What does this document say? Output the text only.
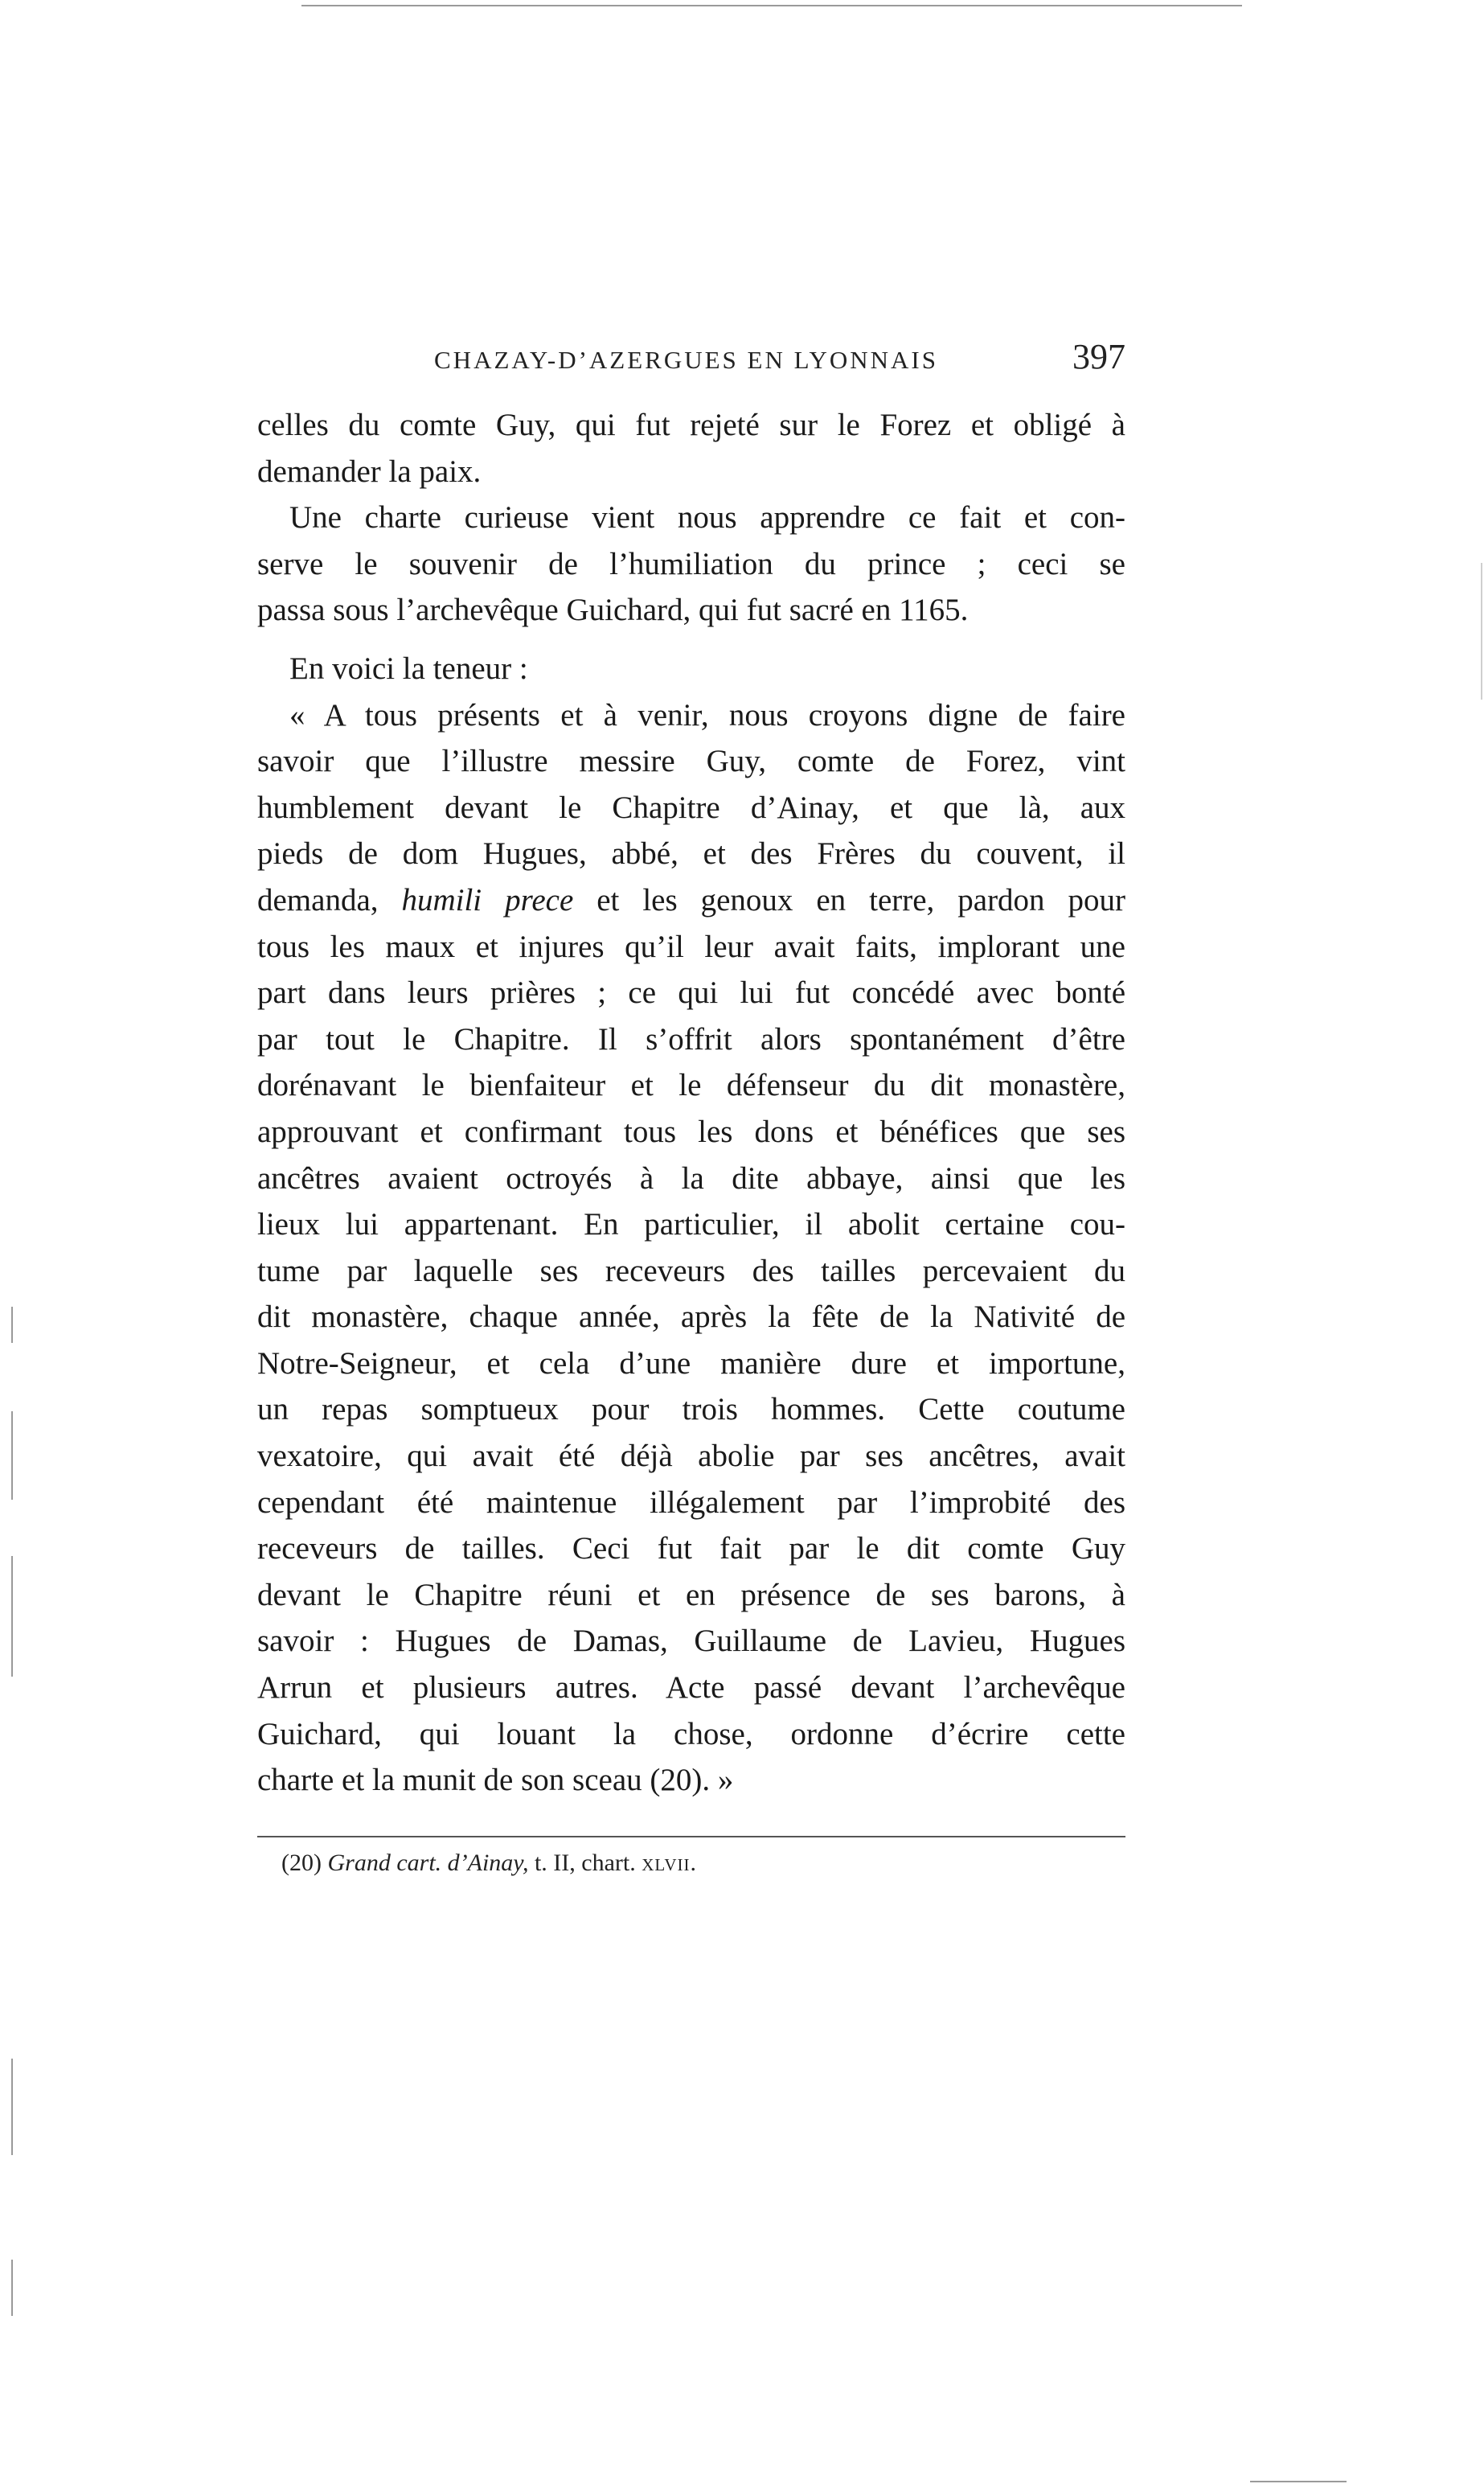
CHAZAY-D’AZERGUES EN LYONNAIS	397
celles du comte Guy, qui fut rejeté sur le Forez et obligé à
demander la paix.
Une charte curieuse vient nous apprendre ce fait et con-
serve le souvenir de l’humiliation du prince ; ceci se
passa sous l’archevêque Guichard, qui fut sacré en 1165.
En voici la teneur :
« A tous présents et à venir, nous croyons digne de faire
savoir que l’illustre messire Guy, comte de Forez, vint
humblement devant le Chapitre d’Ainay, et que là, aux
pieds de dom Hugues, abbé, et des Frères du couvent, il
demanda, humili prece et les genoux en terre, pardon pour
tous les maux et injures qu’il leur avait faits, implorant une
part dans leurs prières ; ce qui lui fut concédé avec bonté
par tout le Chapitre. Il s’offrit alors spontanément d’être
dorénavant le bienfaiteur et le défenseur du dit monastère,
approuvant et confirmant tous les dons et bénéfices que ses
ancêtres avaient octroyés à la dite abbaye, ainsi que les
lieux lui appartenant. En particulier, il abolit certaine cou-
tume par laquelle ses receveurs des tailles percevaient du
dit monastère, chaque année, après la fête de la Nativité de
Notre-Seigneur, et cela d’une manière dure et importune,
un repas somptueux pour trois hommes. Cette coutume
vexatoire, qui avait été déjà abolie par ses ancêtres, avait
cependant été maintenue illégalement par l’improbité des
receveurs de tailles. Ceci fut fait par le dit comte Guy
devant le Chapitre réuni et en présence de ses barons, à
savoir : Hugues de Damas, Guillaume de Lavieu, Hugues
Arrun et plusieurs autres. Acte passé devant l’archevêque
Guichard, qui louant la chose, ordonne d’écrire cette
charte et la munit de son sceau (20). »
(20) Grand cart. d’Ainay, t. II, chart. xlvii.
